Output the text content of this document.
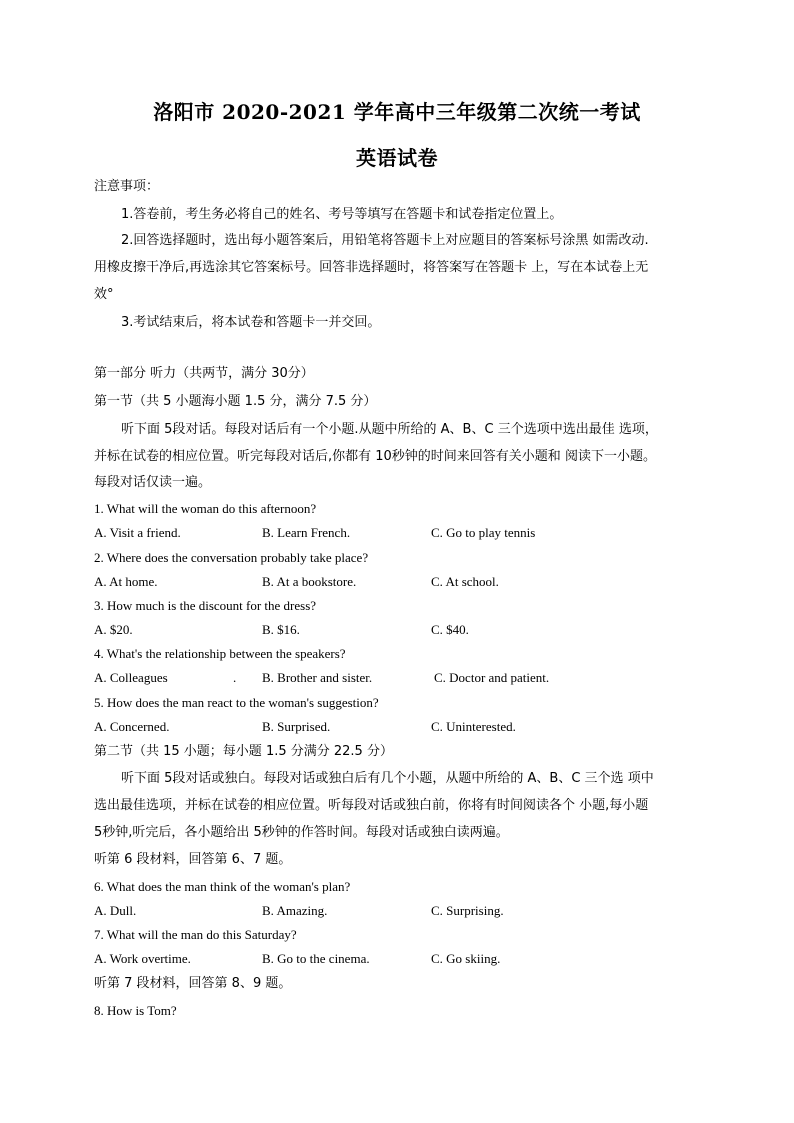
洛阳市 2020-2021 学年高中三年级第二次统一考试
英语试卷
注意事项：
1.答卷前，考生务必将自己的姓名、考号等填写在答题卡和试卷指定位置上。
2.回答选择题时，选出每小题答案后，用铅笔将答题卡上对应题目的答案标号涂黑 如需改动.
用橡皮擦干净后,再选涂其它答案标号。回答非选择题时，将答案写在答题卡 上，写在本试卷上无
效°
3.考试结束后，将本试卷和答题卡一并交回。
第一部分 听力（共两节，满分 30分）
第一节（共 5 小题海小题 1.5 分，满分 7.5 分）
听下面 5段对话。每段对话后有一个小题.从题中所给的 A、B、C 三个选项中选出最佳 选项，
并标在试卷的相应位置。听完每段对话后,你都有 10秒钟的时间来回答有关小题和 阅读下一小题。
每段对话仅读一遍。
1. What will the woman do this afternoon?
A. Visit a friend.	B. Learn French.	C. Go to play tennis
2. Where does the conversation probably take place?
A. At home.	B. At a bookstore.	C. At school.
3. How much is the discount for the dress?
A. $20.	B. $16.	C. $40.
4. What's the relationship between the speakers?
A. Colleagues	. B. Brother and sister.	C. Doctor and patient.
5. How does the man react to the woman's suggestion?
A. Concerned.	B. Surprised.	C. Uninterested.
第二节（共 15 小题；每小题 1.5 分满分 22.5 分）
听下面 5段对话或独白。每段对话或独白后有几个小题，从题中所给的 A、B、C 三个选 项中
选出最佳选项，并标在试卷的相应位置。听每段对话或独白前，你将有时间阅读各个 小题,每小题
5秒钟,听完后，各小题给出 5秒钟的作答时间。每段对话或独白读两遍。
听第 6 段材料，回答第 6、7 题。
6. What does the man think of the woman's plan?
A. Dull.	B. Amazing.	C. Surprising.
7. What will the man do this Saturday?
A. Work overtime.	B. Go to the cinema.	C. Go skiing.
听第 7 段材料，回答第 8、9 题。
8. How is Tom?
